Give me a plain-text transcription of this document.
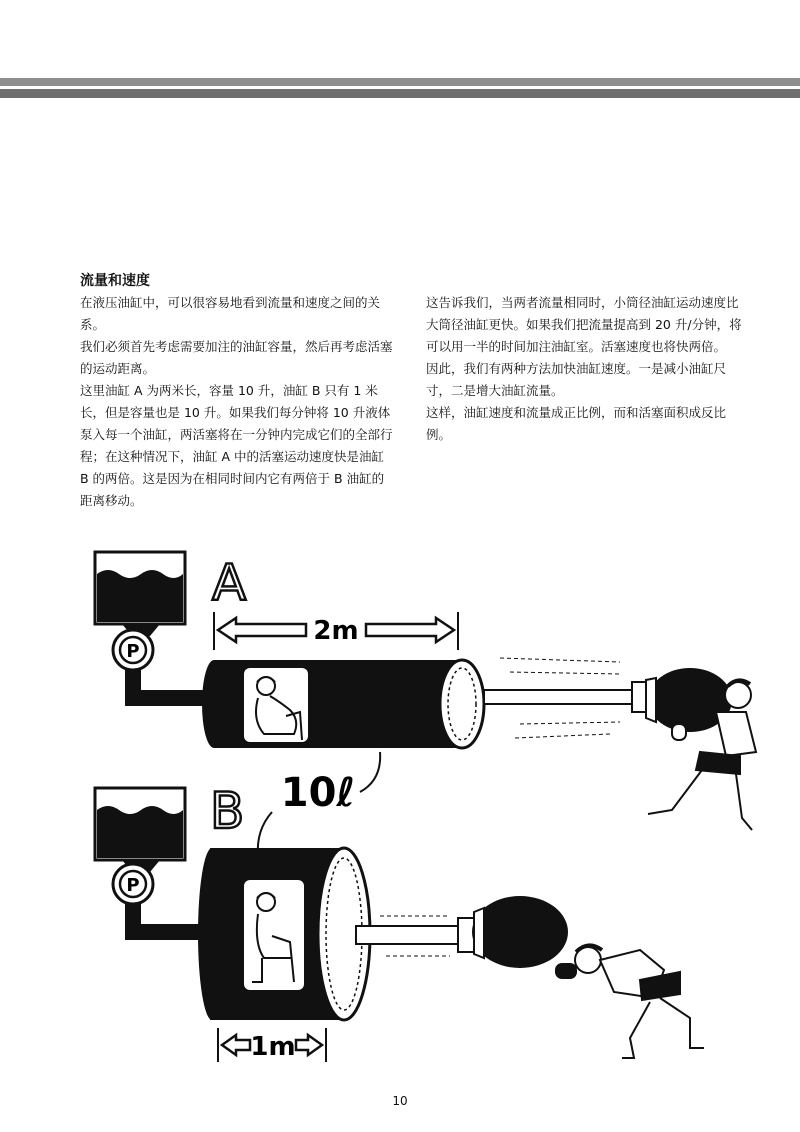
流量和速度

在液压油缸中，可以很容易地看到流量和速度之间的关系。

我们必须首先考虑需要加注的油缸容量，然后再考虑活塞的运动距离。

这里油缸 A 为两米长，容量 10 升，油缸 B 只有 1 米长，但是容量也是 10 升。如果我们每分钟将 10 升液体泵入每一个油缸，两活塞将在一分钟内完成它们的全部行程；在这种情况下，油缸 A 中的活塞运动速度快是油缸 B 的两倍。这是因为在相同时间内它有两倍于 B 油缸的距离移动。

这告诉我们，当两者流量相同时，小筒径油缸运动速度比大筒径油缸更快。如果我们把流量提高到 20 升/分钟，将可以用一半的时间加注油缸室。活塞速度也将快两倍。

因此，我们有两种方法加快油缸速度。一是减小油缸尺寸，二是增大油缸流量。

这样，油缸速度和流量成正比例，而和活塞面积成反比例。

P
A
2m
10ℓ
P
B
1m
10
